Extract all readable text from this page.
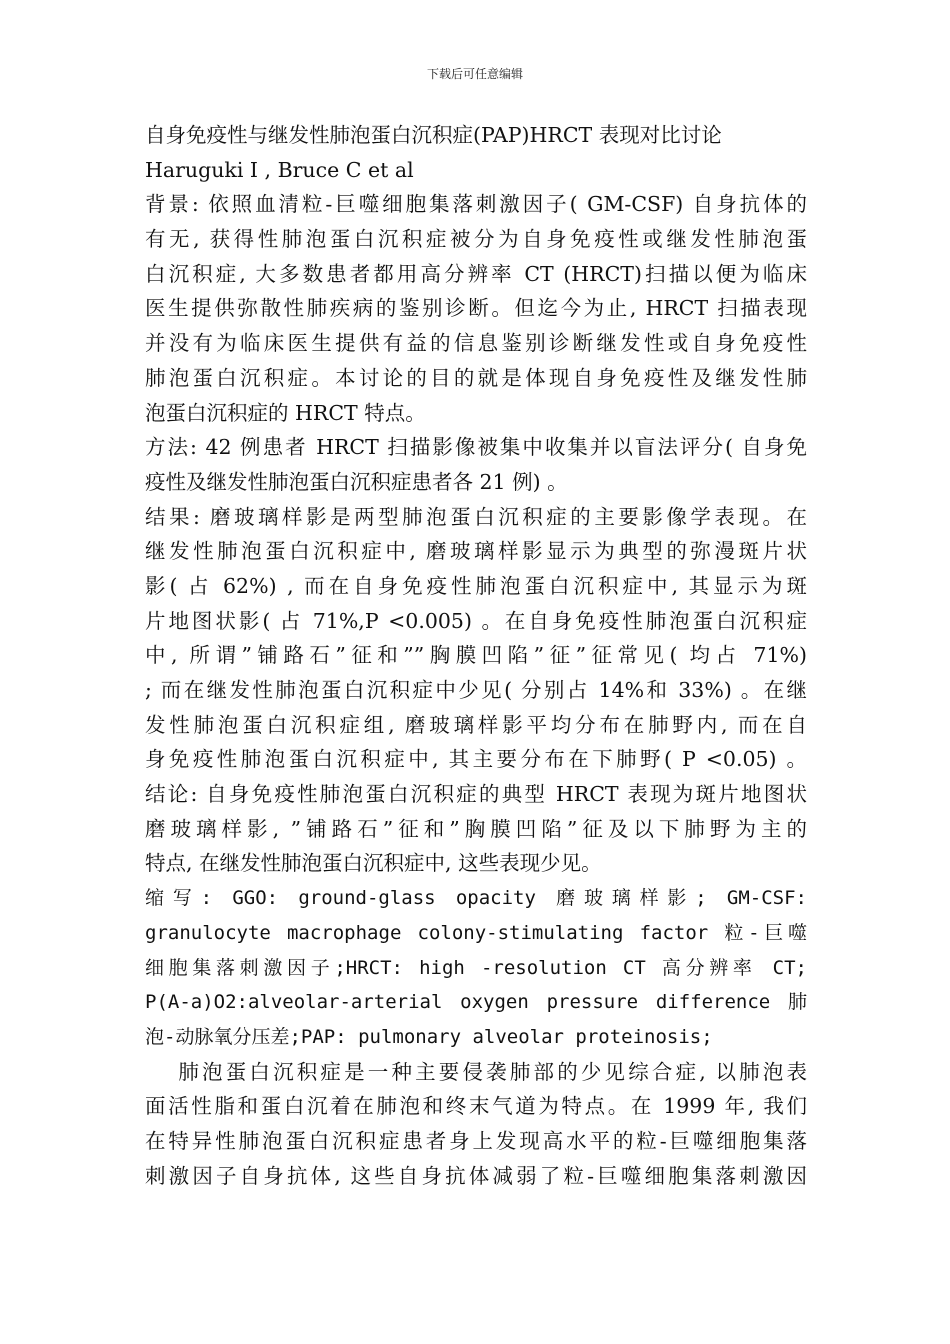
下载后可任意编辑
自身免疫性与继发性肺泡蛋白沉积症(PAP)HRCT 表现对比讨论
Haruguki I , Bruce C et al
背景: 依照血清粒-巨噬细胞集落刺激因子( GM-CSF) 自身抗体的
有无, 获得性肺泡蛋白沉积症被分为自身免疫性或继发性肺泡蛋
白沉积症, 大多数患者都用高分辨率 CT (HRCT)扫描以便为临床
医生提供弥散性肺疾病的鉴别诊断。但迄今为止, HRCT 扫描表现
并没有为临床医生提供有益的信息鉴别诊断继发性或自身免疫性
肺泡蛋白沉积症。本讨论的目的就是体现自身免疫性及继发性肺
泡蛋白沉积症的 HRCT 特点。
方法: 42 例患者 HRCT 扫描影像被集中收集并以盲法评分( 自身免
疫性及继发性肺泡蛋白沉积症患者各 21 例) 。
结果: 磨玻璃样影是两型肺泡蛋白沉积症的主要影像学表现。在
继发性肺泡蛋白沉积症中, 磨玻璃样影显示为典型的弥漫斑片状
影( 占 62%) , 而在自身免疫性肺泡蛋白沉积症中, 其显示为斑
片地图状影( 占 71%,P <0.005) 。在自身免疫性肺泡蛋白沉积症
中, 所谓”铺路石”征和””胸膜凹陷”征”征常见( 均占 71%)
; 而在继发性肺泡蛋白沉积症中少见( 分别占 14%和 33%) 。在继
发性肺泡蛋白沉积症组, 磨玻璃样影平均分布在肺野内, 而在自
身免疫性肺泡蛋白沉积症中, 其主要分布在下肺野( P <0.05) 。
结论: 自身免疫性肺泡蛋白沉积症的典型 HRCT 表现为斑片地图状
磨玻璃样影, ”铺路石”征和”胸膜凹陷”征及以下肺野为主的
特点, 在继发性肺泡蛋白沉积症中, 这些表现少见。
缩写: GGO: ground-glass opacity 磨玻璃样影; GM-CSF:
granulocyte macrophage colony-stimulating factor 粒-巨噬
细胞集落刺激因子;HRCT: high -resolution CT 高分辨率 CT;
P(A-a)O2:alveolar-arterial oxygen pressure difference 肺
泡-动脉氧分压差;PAP: pulmonary alveolar proteinosis;
　 肺泡蛋白沉积症是一种主要侵袭肺部的少见综合症, 以肺泡表
面活性脂和蛋白沉着在肺泡和终末气道为特点。在 1999 年, 我们
在特异性肺泡蛋白沉积症患者身上发现高水平的粒-巨噬细胞集落
刺激因子自身抗体, 这些自身抗体减弱了粒-巨噬细胞集落刺激因
